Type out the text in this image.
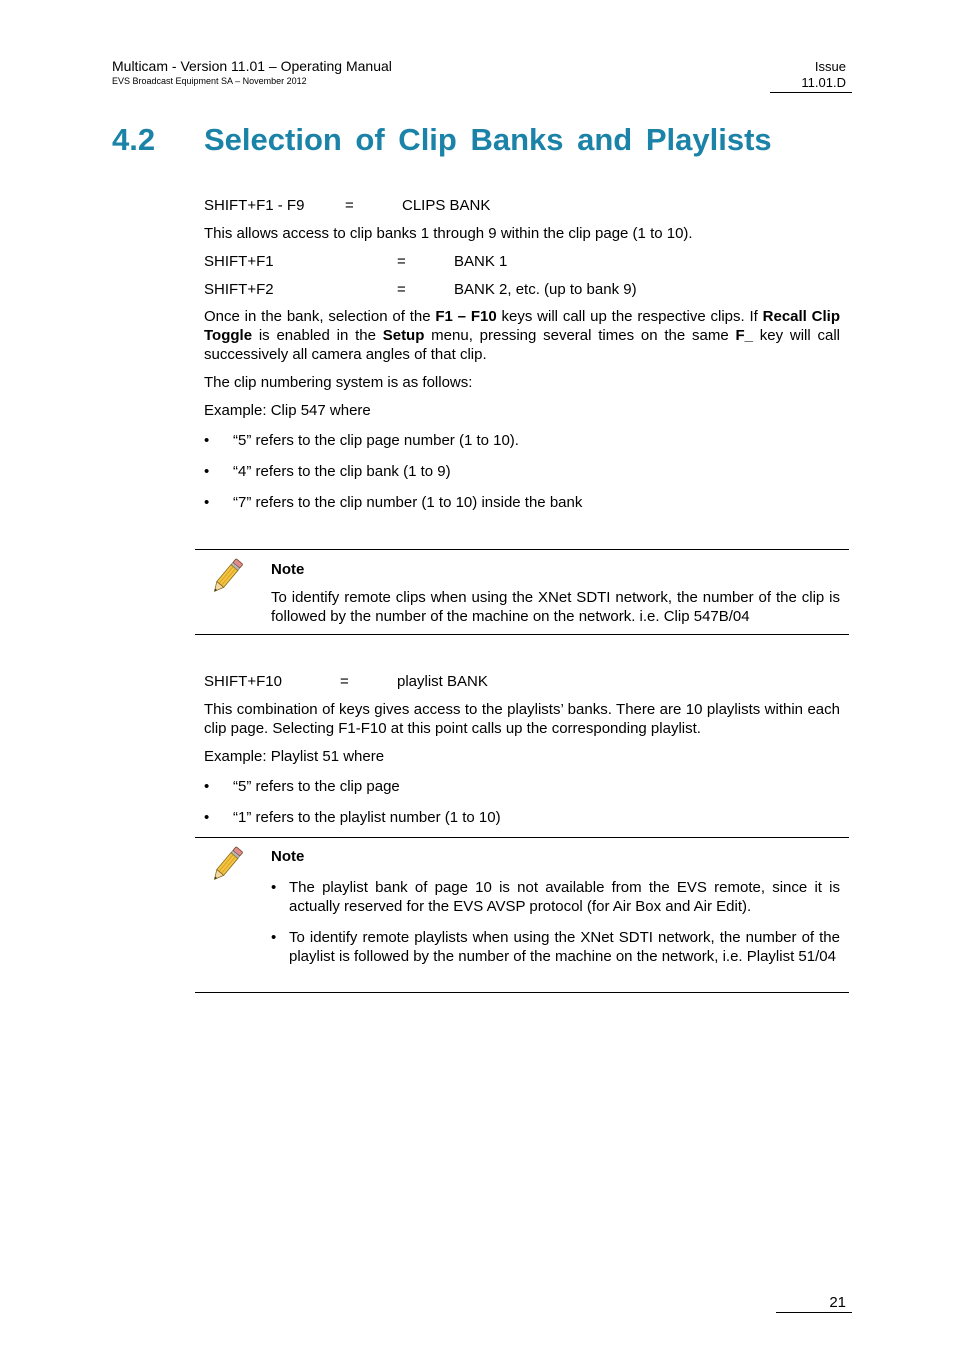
Multicam - Version 11.01 – Operating Manual
EVS Broadcast Equipment SA – November 2012
Issue
11.01.D
4.2 Selection of Clip Banks and Playlists
SHIFT+F1 - F9	=	CLIPS BANK

This allows access to clip banks 1 through 9 within the clip page (1 to 10).

SHIFT+F1	=	BANK 1
SHIFT+F2	=	BANK 2, etc. (up to bank 9)

Once in the bank, selection of the F1 – F10 keys will call up the respective clips. If Recall Clip Toggle is enabled in the Setup menu, pressing several times on the same F_ key will call successively all camera angles of that clip.

The clip numbering system is as follows:

Example: Clip 547 where

• “5” refers to the clip page number (1 to 10).
• “4” refers to the clip bank (1 to 9)
• “7” refers to the clip number (1 to 10) inside the bank
Note
To identify remote clips when using the XNet SDTI network, the number of the clip is followed by the number of the machine on the network. i.e. Clip 547B/04
SHIFT+F10	=	playlist BANK

This combination of keys gives access to the playlists’ banks. There are 10 playlists within each clip page. Selecting F1-F10 at this point calls up the corresponding playlist.

Example: Playlist 51 where

• “5” refers to the clip page
• “1” refers to the playlist number (1 to 10)
Note
• The playlist bank of page 10 is not available from the EVS remote, since it is actually reserved for the EVS AVSP protocol (for Air Box and Air Edit).
• To identify remote playlists when using the XNet SDTI network, the number of the playlist is followed by the number of the machine on the network, i.e. Playlist 51/04
21
